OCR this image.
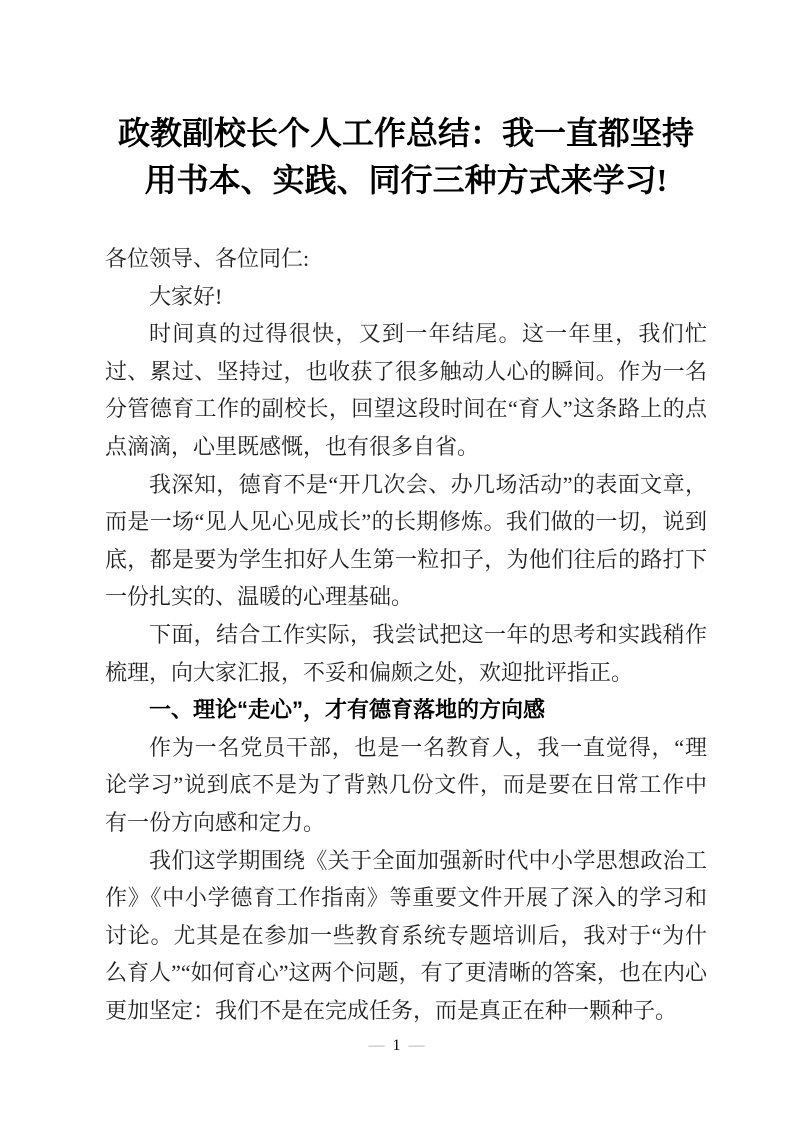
政教副校长个人工作总结：我一直都坚持用书本、实践、同行三种方式来学习!

各位领导、各位同仁:

大家好!

时间真的过得很快，又到一年结尾。这一年里，我们忙过、累过、坚持过，也收获了很多触动人心的瞬间。作为一名分管德育工作的副校长，回望这段时间在“育人”这条路上的点点滴滴，心里既感慨，也有很多自省。

我深知，德育不是“开几次会、办几场活动”的表面文章，而是一场“见人见心见成长”的长期修炼。我们做的一切，说到底，都是要为学生扣好人生第一粒扣子，为他们往后的路打下一份扎实的、温暖的心理基础。

下面，结合工作实际，我尝试把这一年的思考和实践稍作梳理，向大家汇报，不妥和偏颇之处，欢迎批评指正。

一、理论“走心”，才有德育落地的方向感

作为一名党员干部，也是一名教育人，我一直觉得，“理论学习”说到底不是为了背熟几份文件，而是要在日常工作中有一份方向感和定力。

我们这学期围绕《关于全面加强新时代中小学思想政治工作》《中小学德育工作指南》等重要文件开展了深入的学习和讨论。尤其是在参加一些教育系统专题培训后，我对于“为什么育人”“如何育心”这两个问题，有了更清晰的答案，也在内心更加坚定：我们不是在完成任务，而是真正在种一颗种子。

— 1 —
